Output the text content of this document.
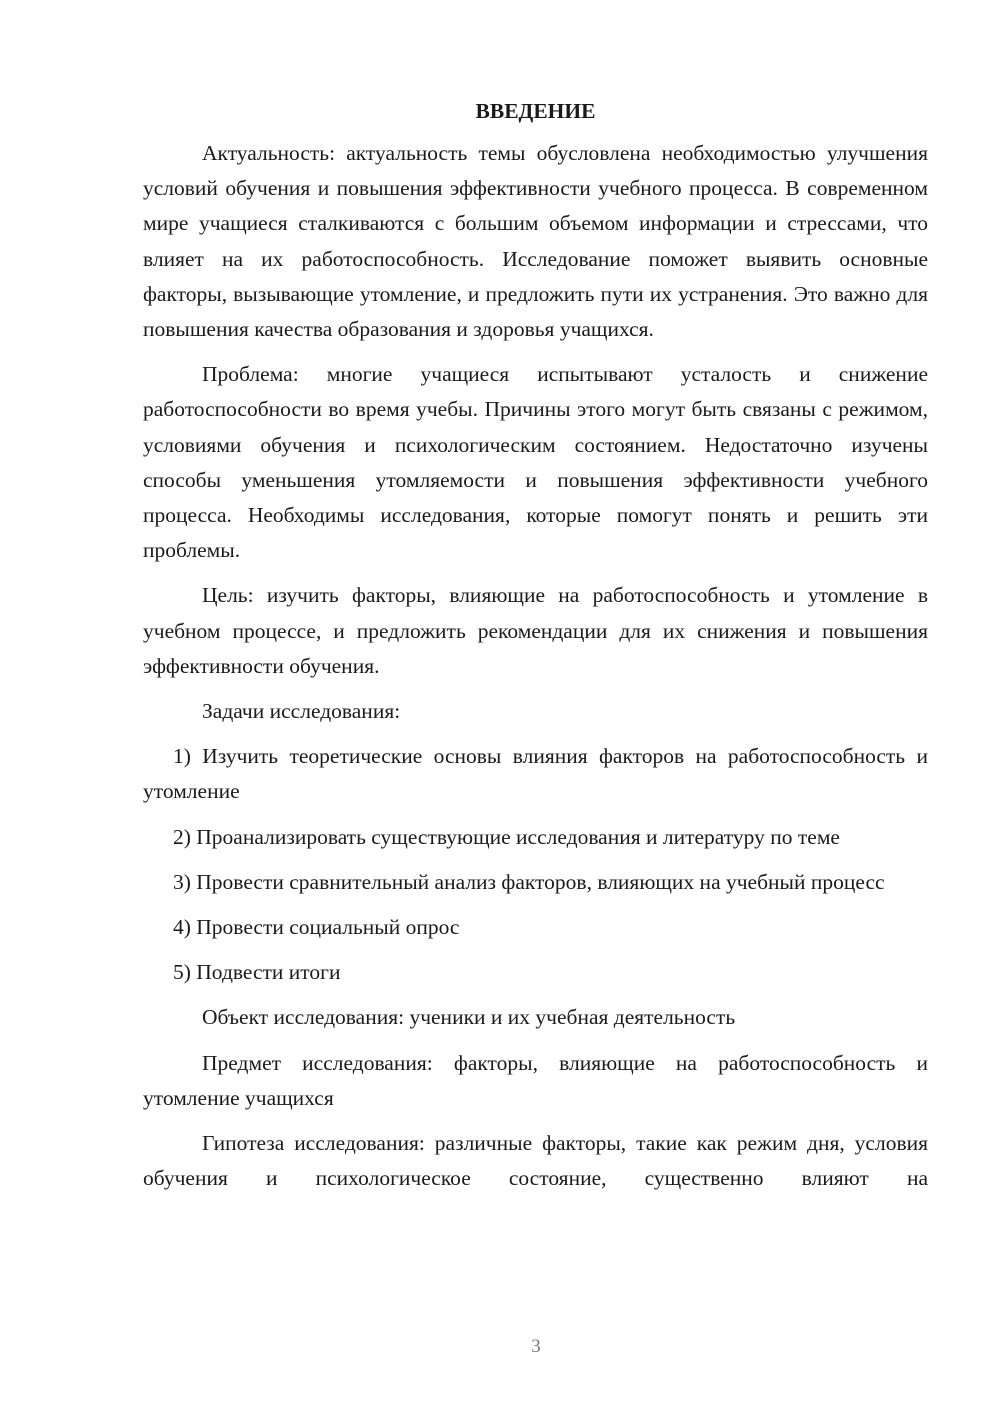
ВВЕДЕНИЕ

Актуальность: актуальность темы обусловлена необходимостью улучшения условий обучения и повышения эффективности учебного процесса. В современном мире учащиеся сталкиваются с большим объемом информации и стрессами, что влияет на их работоспособность. Исследование поможет выявить основные факторы, вызывающие утомление, и предложить пути их устранения. Это важно для повышения качества образования и здоровья учащихся.

Проблема: многие учащиеся испытывают усталость и снижение работоспособности во время учебы. Причины этого могут быть связаны с режимом, условиями обучения и психологическим состоянием. Недостаточно изучены способы уменьшения утомляемости и повышения эффективности учебного процесса. Необходимы исследования, которые помогут понять и решить эти проблемы.

Цель: изучить факторы, влияющие на работоспособность и утомление в учебном процессе, и предложить рекомендации для их снижения и повышения эффективности обучения.

Задачи исследования:

1) Изучить теоретические основы влияния факторов на работоспособность и утомление

2) Проанализировать существующие исследования и литературу по теме

3) Провести сравнительный анализ факторов, влияющих на учебный процесс

4) Провести социальный опрос

5) Подвести итоги

Объект исследования: ученики и их учебная деятельность

Предмет исследования: факторы, влияющие на работоспособность и утомление учащихся

Гипотеза исследования: различные факторы, такие как режим дня, условия обучения и психологическое состояние, существенно влияют на

3
